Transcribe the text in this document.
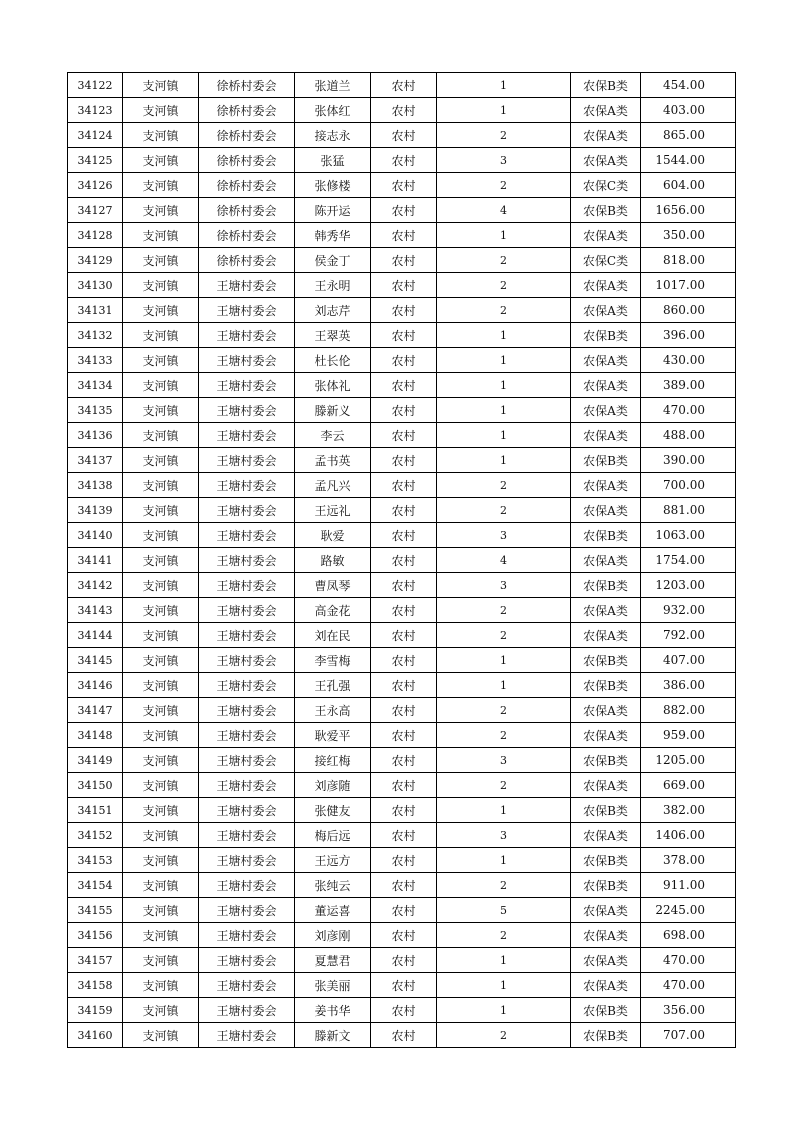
34122	支河镇	徐桥村委会	张道兰	农村	1	农保B类	454.00
34123	支河镇	徐桥村委会	张体红	农村	1	农保A类	403.00
34124	支河镇	徐桥村委会	接志永	农村	2	农保A类	865.00
34125	支河镇	徐桥村委会	张猛	农村	3	农保A类	1544.00
34126	支河镇	徐桥村委会	张修楼	农村	2	农保C类	604.00
34127	支河镇	徐桥村委会	陈开运	农村	4	农保B类	1656.00
34128	支河镇	徐桥村委会	韩秀华	农村	1	农保A类	350.00
34129	支河镇	徐桥村委会	侯金丁	农村	2	农保C类	818.00
34130	支河镇	王塘村委会	王永明	农村	2	农保A类	1017.00
34131	支河镇	王塘村委会	刘志芹	农村	2	农保A类	860.00
34132	支河镇	王塘村委会	王翠英	农村	1	农保B类	396.00
34133	支河镇	王塘村委会	杜长伦	农村	1	农保A类	430.00
34134	支河镇	王塘村委会	张体礼	农村	1	农保A类	389.00
34135	支河镇	王塘村委会	滕新义	农村	1	农保A类	470.00
34136	支河镇	王塘村委会	李云	农村	1	农保A类	488.00
34137	支河镇	王塘村委会	孟书英	农村	1	农保B类	390.00
34138	支河镇	王塘村委会	孟凡兴	农村	2	农保A类	700.00
34139	支河镇	王塘村委会	王远礼	农村	2	农保A类	881.00
34140	支河镇	王塘村委会	耿爱	农村	3	农保B类	1063.00
34141	支河镇	王塘村委会	路敏	农村	4	农保A类	1754.00
34142	支河镇	王塘村委会	曹凤琴	农村	3	农保B类	1203.00
34143	支河镇	王塘村委会	高金花	农村	2	农保A类	932.00
34144	支河镇	王塘村委会	刘在民	农村	2	农保A类	792.00
34145	支河镇	王塘村委会	李雪梅	农村	1	农保B类	407.00
34146	支河镇	王塘村委会	王孔强	农村	1	农保B类	386.00
34147	支河镇	王塘村委会	王永高	农村	2	农保A类	882.00
34148	支河镇	王塘村委会	耿爱平	农村	2	农保A类	959.00
34149	支河镇	王塘村委会	接红梅	农村	3	农保B类	1205.00
34150	支河镇	王塘村委会	刘彦随	农村	2	农保A类	669.00
34151	支河镇	王塘村委会	张健友	农村	1	农保B类	382.00
34152	支河镇	王塘村委会	梅后远	农村	3	农保A类	1406.00
34153	支河镇	王塘村委会	王远方	农村	1	农保B类	378.00
34154	支河镇	王塘村委会	张纯云	农村	2	农保B类	911.00
34155	支河镇	王塘村委会	董运喜	农村	5	农保A类	2245.00
34156	支河镇	王塘村委会	刘彦刚	农村	2	农保A类	698.00
34157	支河镇	王塘村委会	夏慧君	农村	1	农保A类	470.00
34158	支河镇	王塘村委会	张美丽	农村	1	农保A类	470.00
34159	支河镇	王塘村委会	姜书华	农村	1	农保B类	356.00
34160	支河镇	王塘村委会	滕新文	农村	2	农保B类	707.00
